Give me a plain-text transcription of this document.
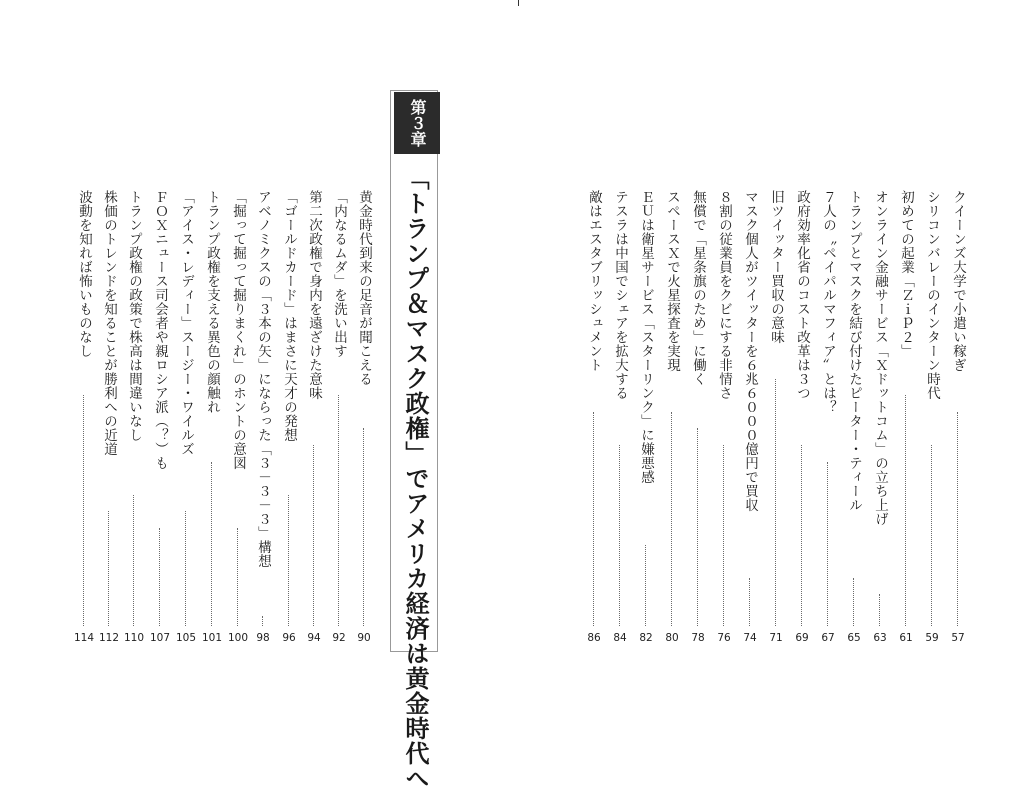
クイーンズ大学で小遣い稼ぎ
57
シリコンバレーのインターン時代
59
初めての起業「Ｚｉｐ２」
61
オンライン金融サービス「Ｘドットコム」の立ち上げ
63
トランプとマスクを結び付けたピーター・ティール
65
７人の〝ペイパルマフィア〟とは？
67
政府効率化省のコスト改革は３つ
69
旧ツイッター買収の意味
71
マスク個人がツイッターを６兆６０００億円で買収
74
８割の従業員をクビにする非情さ
76
無償で「星条旗のため」に働く
78
スペースＸで火星探査を実現
80
ＥＵは衛星サービス「スターリンク」に嫌悪感
82
テスラは中国でシェアを拡大する
84
敵はエスタブリッシュメント
86
第３章
「トランプ＆マスク政権」でアメリカ経済は黄金時代へ
黄金時代到来の足音が聞こえる
90
「内なるムダ」を洗い出す
92
第二次政権で身内を遠ざけた意味
94
「ゴールドカード」はまさに天才の発想
96
アベノミクスの「３本の矢」にならった「３－３－３」構想
98
「掘って掘って掘りまくれ」のホントの意図
100
トランプ政権を支える異色の顔触れ
101
「アイス・レディー」スージー・ワイルズ
105
ＦＯＸニュース司会者や親ロシア派（？）も
107
トランプ政権の政策で株高は間違いなし
110
株価のトレンドを知ることが勝利への近道
112
波動を知れば怖いものなし
114
